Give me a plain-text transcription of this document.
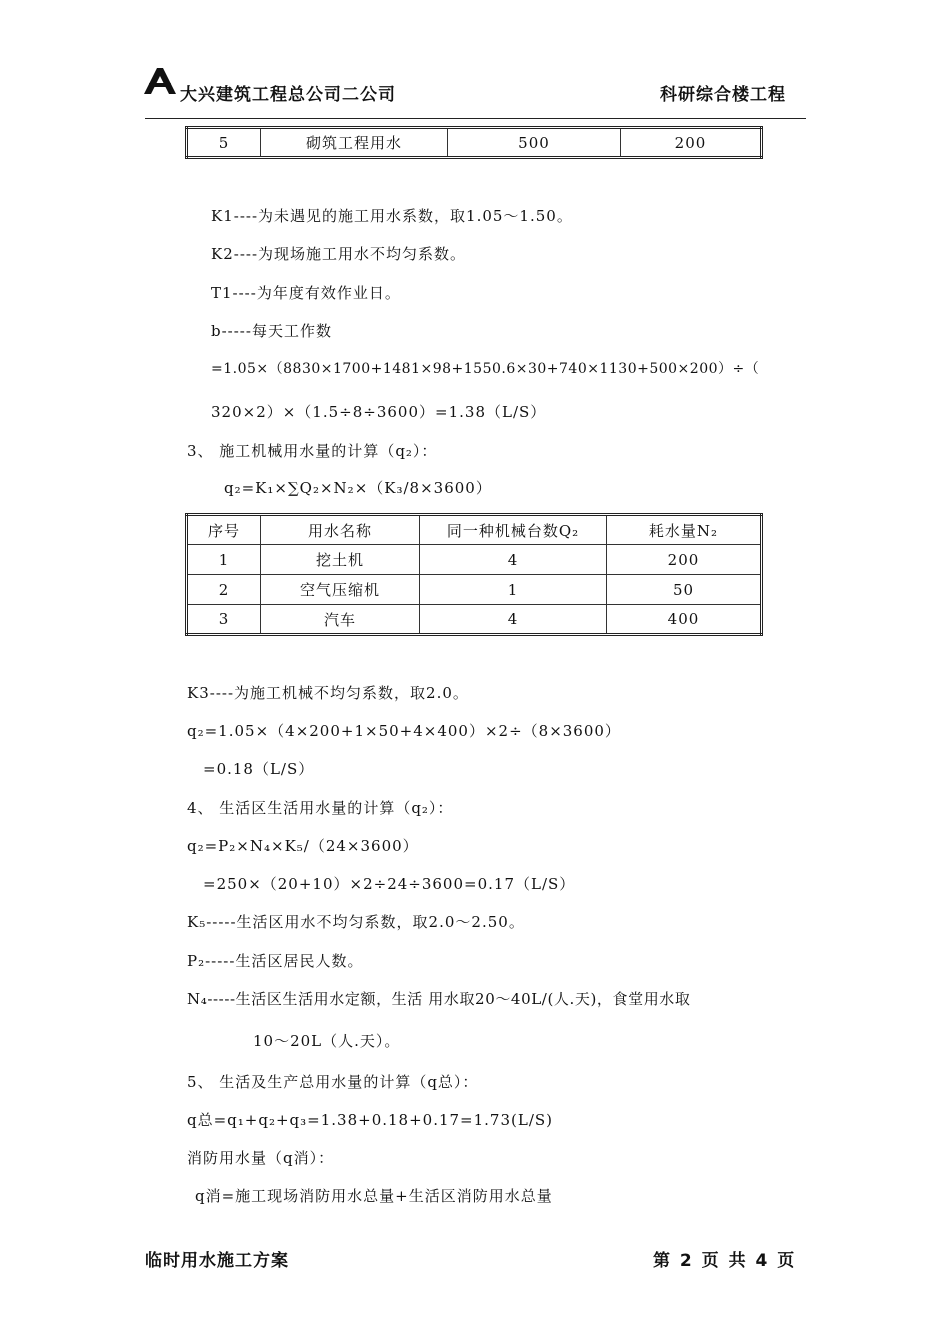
大兴建筑工程总公司二公司	科研综合楼工程
5	砌筑工程用水	500	200
K1----为未遇见的施工用水系数，取1.05～1.50。
K2----为现场施工用水不均匀系数。
T1----为年度有效作业日。
b-----每天工作数
=1.05×（8830×1700+1481×98+1550.6×30+740×1130+500×200）÷（
320×2）×（1.5÷8÷3600）=1.38（L/S）
3、 施工机械用水量的计算（q₂）：
q₂=K₁×∑Q₂×N₂×（K₃/8×3600）
序号	用水名称	同一种机械台数Q₂	耗水量N₂
1	挖土机	4	200
2	空气压缩机	1	50
3	汽车	4	400
K3----为施工机械不均匀系数，取2.0。
q₂=1.05×（4×200+1×50+4×400）×2÷（8×3600）
=0.18（L/S）
4、 生活区生活用水量的计算（q₂）：
q₂=P₂×N₄×K₅/（24×3600）
=250×（20+10）×2÷24÷3600=0.17（L/S）
K₅-----生活区用水不均匀系数，取2.0～2.50。
P₂-----生活区居民人数。
N₄-----生活区生活用水定额，生活 用水取20～40L/(人.天)，食堂用水取
10～20L（人.天）。
5、 生活及生产总用水量的计算（q总）：
q总=q₁+q₂+q₃=1.38+0.18+0.17=1.73(L/S)
消防用水量（q消）：
q消=施工现场消防用水总量+生活区消防用水总量
临时用水施工方案	第 2 页 共 4 页
